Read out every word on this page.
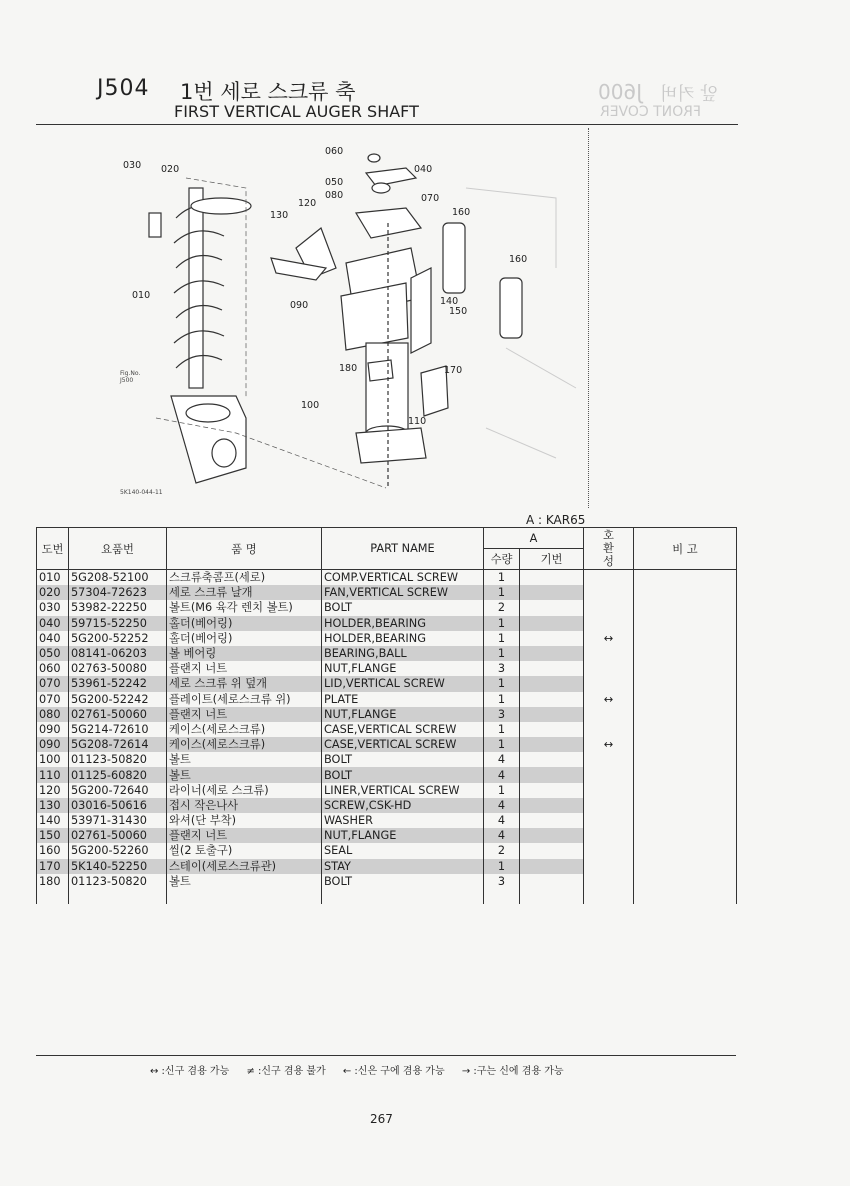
J600 앞 커버
FRONT COVER
J504 1번 세로 스크류 축
FIRST VERTICAL AUGER SHAFT
030 020
010
060
040
050
080	070
130
120
160
160
090	140
150
180	170
100
110
Fig.No.
J500
5K140-044-11
A : KAR65
도번	요품번	품 명	PART NAME	A		호환성	비 고
				수량	기번		
010	5G208-52100	스크류축콤프(세로)	COMP.VERTICAL SCREW	1			
020	57304-72623	세로 스크류 날개	FAN,VERTICAL SCREW	1			
030	53982-22250	볼트(M6 육각 렌치 볼트)	BOLT	2			
040	59715-52250	홀더(베어링)	HOLDER,BEARING	1			
040	5G200-52252	홀더(베어링)	HOLDER,BEARING	1		↔	
050	08141-06203	볼 베어링	BEARING,BALL	1			
060	02763-50080	플랜지 너트	NUT,FLANGE	3			
070	53961-52242	세로 스크류 위 덮개	LID,VERTICAL SCREW	1			
070	5G200-52242	플레이트(세로스크류 위)	PLATE	1		↔	
080	02761-50060	플랜지 너트	NUT,FLANGE	3			
090	5G214-72610	케이스(세로스크류)	CASE,VERTICAL SCREW	1			
090	5G208-72614	케이스(세로스크류)	CASE,VERTICAL SCREW	1		↔	
100	01123-50820	볼트	BOLT	4			
110	01125-60820	볼트	BOLT	4			
120	5G200-72640	라이너(세로 스크류)	LINER,VERTICAL SCREW	1			
130	03016-50616	접시 작은나사	SCREW,CSK-HD	4			
140	53971-31430	와셔(단 부착)	WASHER	4			
150	02761-50060	플랜지 너트	NUT,FLANGE	4			
160	5G200-52260	씰(2 토출구)	SEAL	2			
170	5K140-52250	스테이(세로스크류관)	STAY	1			
180	01123-50820	볼트	BOLT	3			

↔ :신구 겸용 가능 ≠ :신구 겸용 불가 ← :신은 구에 겸용 가능 → :구는 신에 겸용 가능
267
